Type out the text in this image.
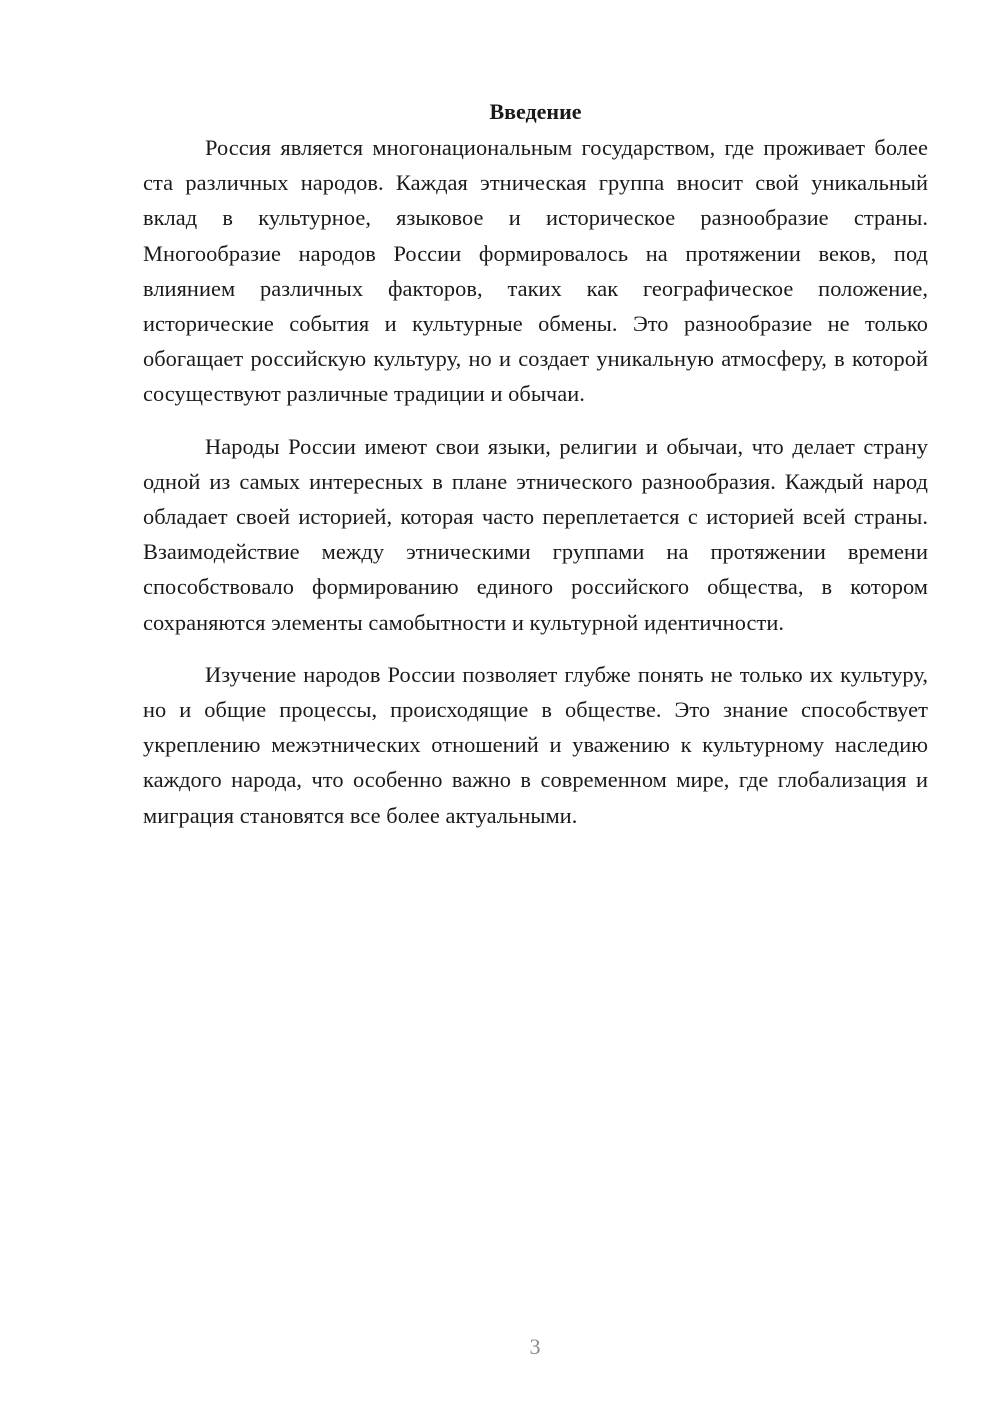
Введение

Россия является многонациональным государством, где проживает более ста различных народов. Каждая этническая группа вносит свой уникальный вклад в культурное, языковое и историческое разнообразие страны. Многообразие народов России формировалось на протяжении веков, под влиянием различных факторов, таких как географическое положение, исторические события и культурные обмены. Это разнообразие не только обогащает российскую культуру, но и создает уникальную атмосферу, в которой сосуществуют различные традиции и обычаи.

Народы России имеют свои языки, религии и обычаи, что делает страну одной из самых интересных в плане этнического разнообразия. Каждый народ обладает своей историей, которая часто переплетается с историей всей страны. Взаимодействие между этническими группами на протяжении времени способствовало формированию единого российского общества, в котором сохраняются элементы самобытности и культурной идентичности.

Изучение народов России позволяет глубже понять не только их культуру, но и общие процессы, происходящие в обществе. Это знание способствует укреплению межэтнических отношений и уважению к культурному наследию каждого народа, что особенно важно в современном мире, где глобализация и миграция становятся все более актуальными.

3
